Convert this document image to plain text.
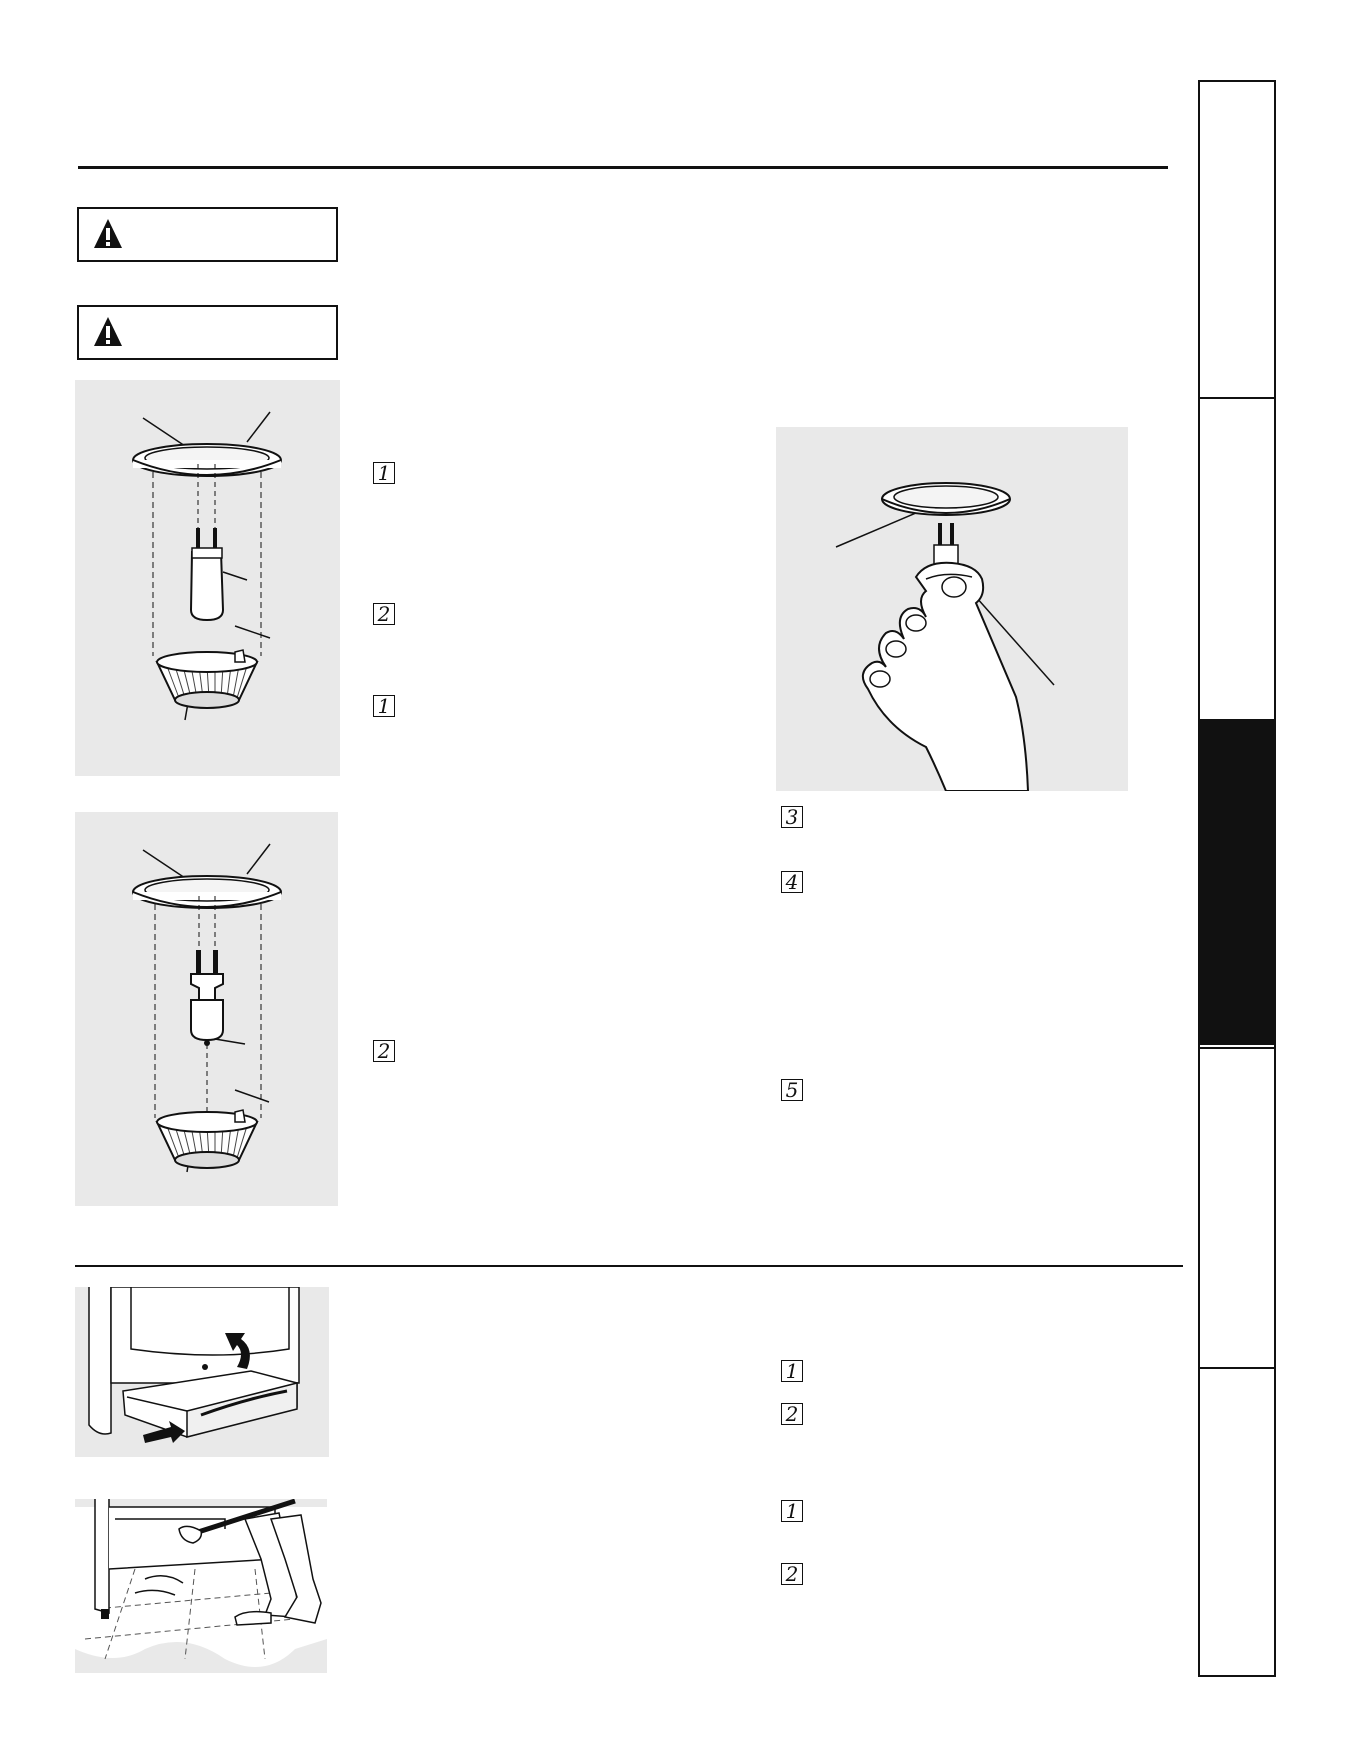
1
2
1
2
3
4
5
1
2
1
2
